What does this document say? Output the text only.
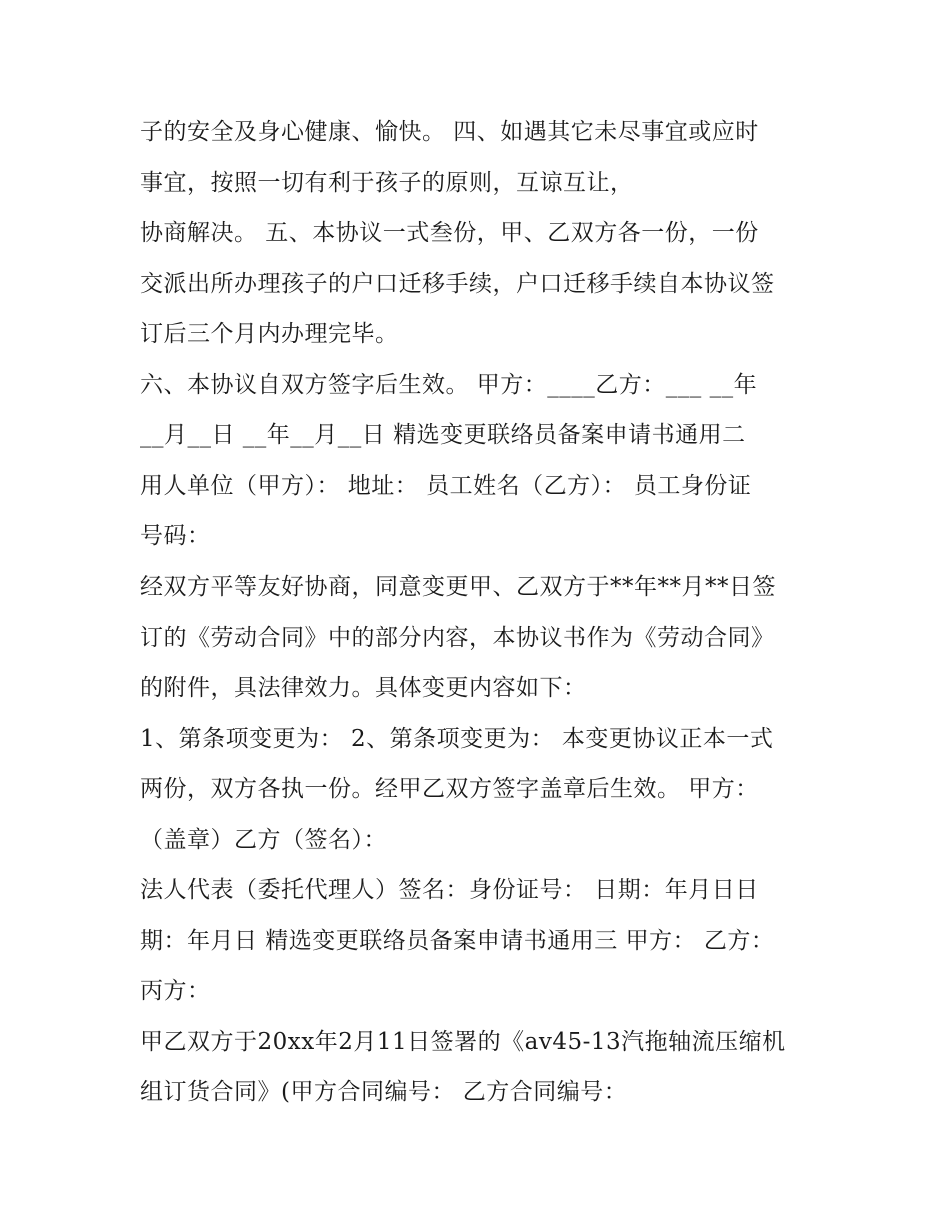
子的安全及身心健康、愉快。 四、如遇其它未尽事宜或应时
事宜，按照一切有利于孩子的原则，互谅互让，
协商解决。 五、本协议一式叁份，甲、乙双方各一份，一份
交派出所办理孩子的户口迁移手续，户口迁移手续自本协议签
订后三个月内办理完毕。
六、本协议自双方签字后生效。 甲方：____乙方：___ __年
__月__日 __年__月__日 精选变更联络员备案申请书通用二
用人单位（甲方）： 地址： 员工姓名（乙方）： 员工身份证
号码：
经双方平等友好协商，同意变更甲、乙双方于**年**月**日签
订的《劳动合同》中的部分内容，本协议书作为《劳动合同》
的附件，具法律效力。具体变更内容如下：
1、第条项变更为： 2、第条项变更为： 本变更协议正本一式
两份，双方各执一份。经甲乙双方签字盖章后生效。 甲方：
（盖章）乙方（签名）：
法人代表（委托代理人）签名：身份证号： 日期：年月日日
期：年月日 精选变更联络员备案申请书通用三 甲方： 乙方：
丙方：
甲乙双方于20xx年2月11日签署的《av45-13汽拖轴流压缩机
组订货合同》(甲方合同编号： 乙方合同编号：
